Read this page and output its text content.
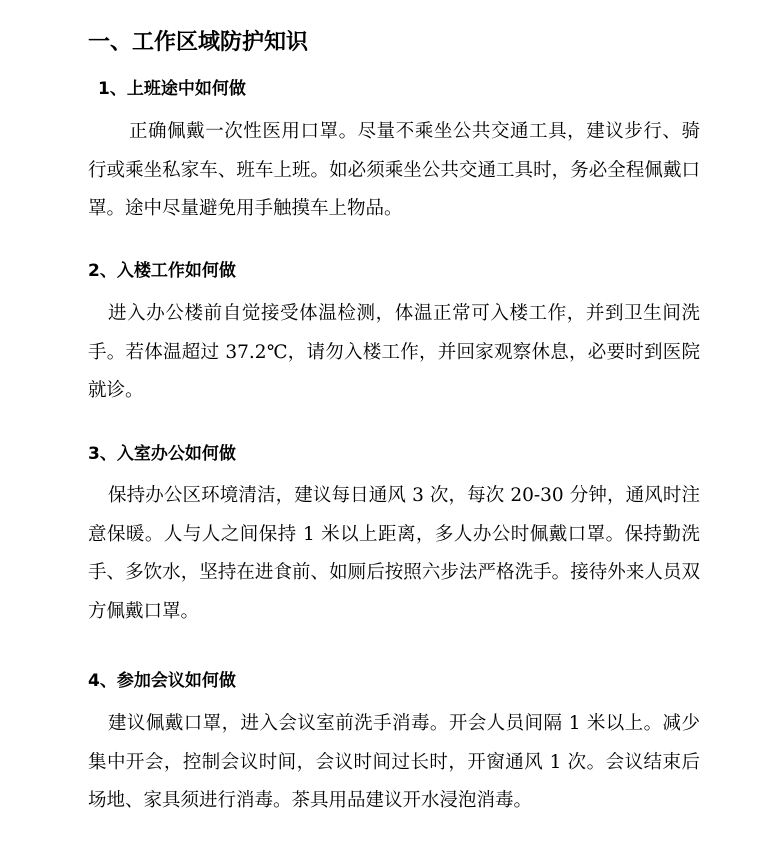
一、工作区域防护知识
1、上班途中如何做
正确佩戴一次性医用口罩。尽量不乘坐公共交通工具，建议步行、骑行或乘坐私家车、班车上班。如必须乘坐公共交通工具时，务必全程佩戴口罩。途中尽量避免用手触摸车上物品。
2、入楼工作如何做
进入办公楼前自觉接受体温检测，体温正常可入楼工作，并到卫生间洗手。若体温超过 37.2℃，请勿入楼工作，并回家观察休息，必要时到医院就诊。
3、入室办公如何做
保持办公区环境清洁，建议每日通风 3 次，每次 20-30 分钟，通风时注意保暖。人与人之间保持 1 米以上距离，多人办公时佩戴口罩。保持勤洗手、多饮水，坚持在进食前、如厕后按照六步法严格洗手。接待外来人员双方佩戴口罩。
4、参加会议如何做
建议佩戴口罩，进入会议室前洗手消毒。开会人员间隔 1 米以上。减少集中开会，控制会议时间，会议时间过长时，开窗通风 1 次。会议结束后场地、家具须进行消毒。茶具用品建议开水浸泡消毒。
